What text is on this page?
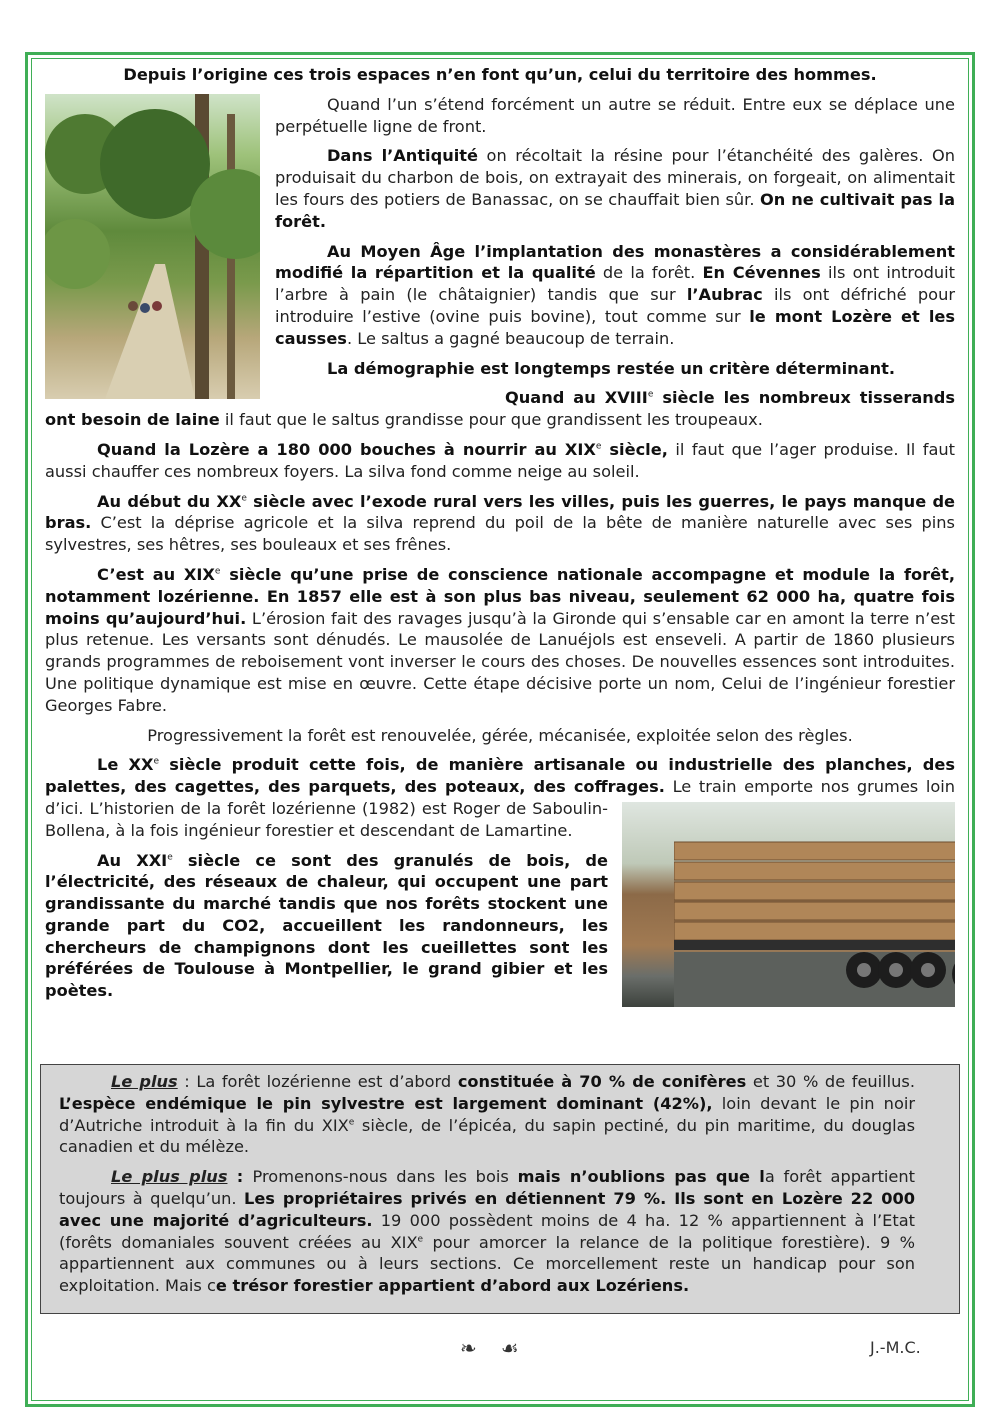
Depuis l’origine ces trois espaces n’en font qu’un, celui du territoire des hommes.

Quand l’un s’étend forcément un autre se réduit. Entre eux se déplace une perpétuelle ligne de front.

Dans l’Antiquité on récoltait la résine pour l’étanchéité des galères. On produisait du charbon de bois, on extrayait des minerais, on forgeait, on alimentait les fours des potiers de Banassac, on se chauffait bien sûr. On ne cultivait pas la forêt.

Au Moyen Âge l’implantation des monastères a considérablement modifié la répartition et la qualité de la forêt. En Cévennes ils ont introduit l’arbre à pain (le châtaignier) tandis que sur l’Aubrac ils ont défriché pour introduire l’estive (ovine puis bovine), tout comme sur le mont Lozère et les causses. Le saltus a gagné beaucoup de terrain.

La démographie est longtemps restée un critère déterminant.

Quand au XVIIIe siècle les nombreux tisserands ont besoin de laine il faut que le saltus grandisse pour que grandissent les troupeaux.

Quand la Lozère a 180 000 bouches à nourrir au XIXe siècle, il faut que l’ager produise. Il faut aussi chauffer ces nombreux foyers. La silva fond comme neige au soleil.

Au début du XXe siècle avec l’exode rural vers les villes, puis les guerres, le pays manque de bras. C’est la déprise agricole et la silva reprend du poil de la bête de manière naturelle avec ses pins sylvestres, ses hêtres, ses bouleaux et ses frênes.

C’est au XIXe siècle qu’une prise de conscience nationale accompagne et module la forêt, notamment lozérienne. En 1857 elle est à son plus bas niveau, seulement 62 000 ha, quatre fois moins qu’aujourd’hui. L’érosion fait des ravages jusqu’à la Gironde qui s’ensable car en amont la terre n’est plus retenue. Les versants sont dénudés. Le mausolée de Lanuéjols est enseveli. A partir de 1860 plusieurs grands programmes de reboisement vont inverser le cours des choses. De nouvelles essences sont introduites. Une politique dynamique est mise en œuvre. Cette étape décisive porte un nom, Celui de l’ingénieur forestier Georges Fabre.

Progressivement la forêt est renouvelée, gérée, mécanisée, exploitée selon des règles.

Le XXe siècle produit cette fois, de manière artisanale ou industrielle des planches, des palettes, des cagettes, des parquets, des poteaux, des coffrages.
Le train emporte nos grumes loin d’ici. L’historien de la forêt lozérienne (1982) est Roger de Saboulin-Bollena, à la fois ingénieur forestier et descendant de Lamartine.

Au XXIe siècle ce sont des granulés de bois, de l’électricité, des réseaux de chaleur, qui occupent une part grandissante du marché tandis que nos forêts stockent une grande part du CO2, accueillent les randonneurs, les chercheurs de champignons dont les cueillettes sont les préférées de Toulouse à Montpellier, le grand gibier et les poètes.

Le plus : La forêt lozérienne est d’abord constituée à 70 % de conifères et 30 % de feuillus. L’espèce endémique le pin sylvestre est largement dominant (42%), loin devant le pin noir d’Autriche introduit à la fin du XIXe siècle, de l’épicéa, du sapin pectiné, du pin maritime, du douglas canadien et du mélèze.

Le plus plus : Promenons-nous dans les bois mais n’oublions pas que la forêt appartient toujours à quelqu’un. Les propriétaires privés en détiennent 79 %. Ils sont en Lozère 22 000 avec une majorité d’agriculteurs. 19 000 possèdent moins de 4 ha. 12 % appartiennent à l’Etat (forêts domaniales souvent créées au XIXe pour amorcer la relance de la politique forestière). 9 % appartiennent aux communes ou à leurs sections. Ce morcellement reste un handicap pour son exploitation. Mais ce trésor forestier appartient d’abord aux Lozériens.

❧☙	J.-M.C.
